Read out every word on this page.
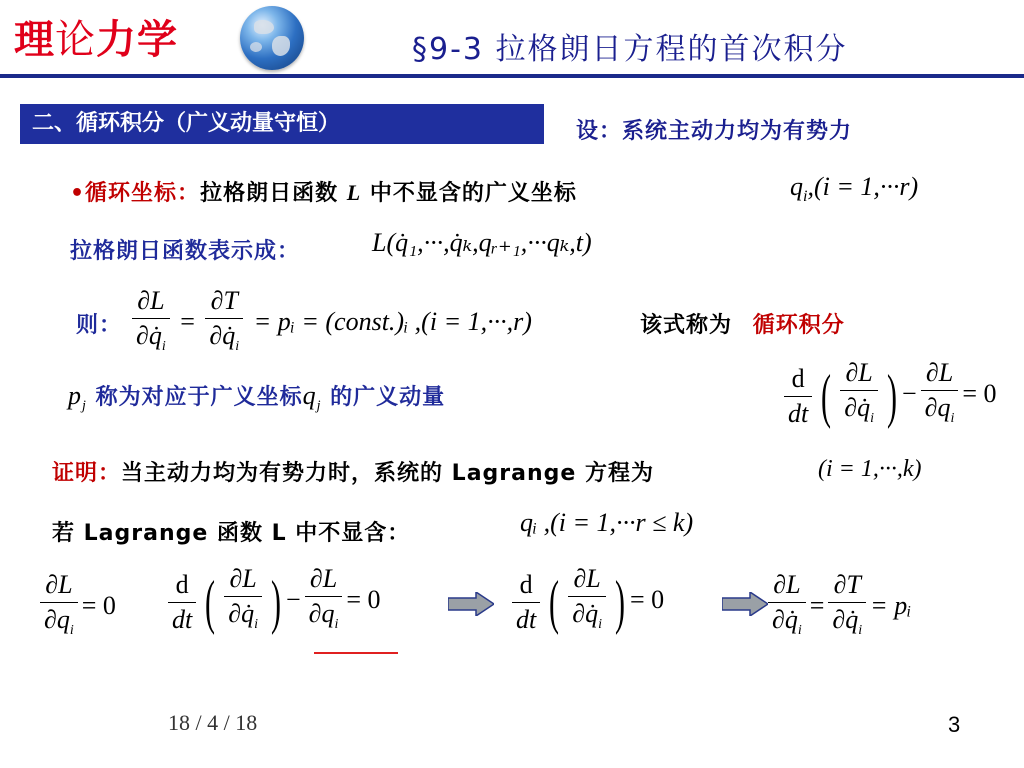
理论力学	§9-3 拉格朗日方程的首次积分
二、循环积分（广义动量守恒）	设：系统主动力均为有势力
•循环坐标：拉格朗日函数 L 中不显含的广义坐标	$q_i,(i = 1,\cdot\cdot\cdot r)$
拉格朗日函数表示成：	L(q̇₁,···,q̇ₖ,qᵣ₊₁,···qₖ,t)
则： $\frac{\partial L}{\partial q̇_i} = \frac{\partial T}{\partial q̇_i}$ = pᵢ = (const.)ᵢ ,(i = 1,···,r)	该式称为 循环积分
$p_j$ 称为对应于广义坐标$q_j$ 的广义动量	$\frac{d}{dt}$ ( $\frac{\partial L}{\partial q̇_i}$ ) − $\frac{\partial L}{\partial q_i} = 0$
证明：当主动力均为有势力时，系统的 Lagrange 方程为	(i = 1,···,k)
若 Lagrange 函数 L 中不显含：	qᵢ ,(i = 1,···r ≤ k)
$\frac{\partial L}{\partial q_i} = 0 \frac{d}{dt}$ ( $\frac{\partial L}{\partial q̇_i}$ ) − $\frac{\partial L}{\partial q_i} = 0$	$\frac{d}{dt}$ ( $\frac{\partial L}{\partial q̇_i}$ ) = 0	$\frac{\partial L}{\partial q̇_i} = \frac{\partial T}{\partial q̇_i}$ = pᵢ
18 / 4 / 18	3
